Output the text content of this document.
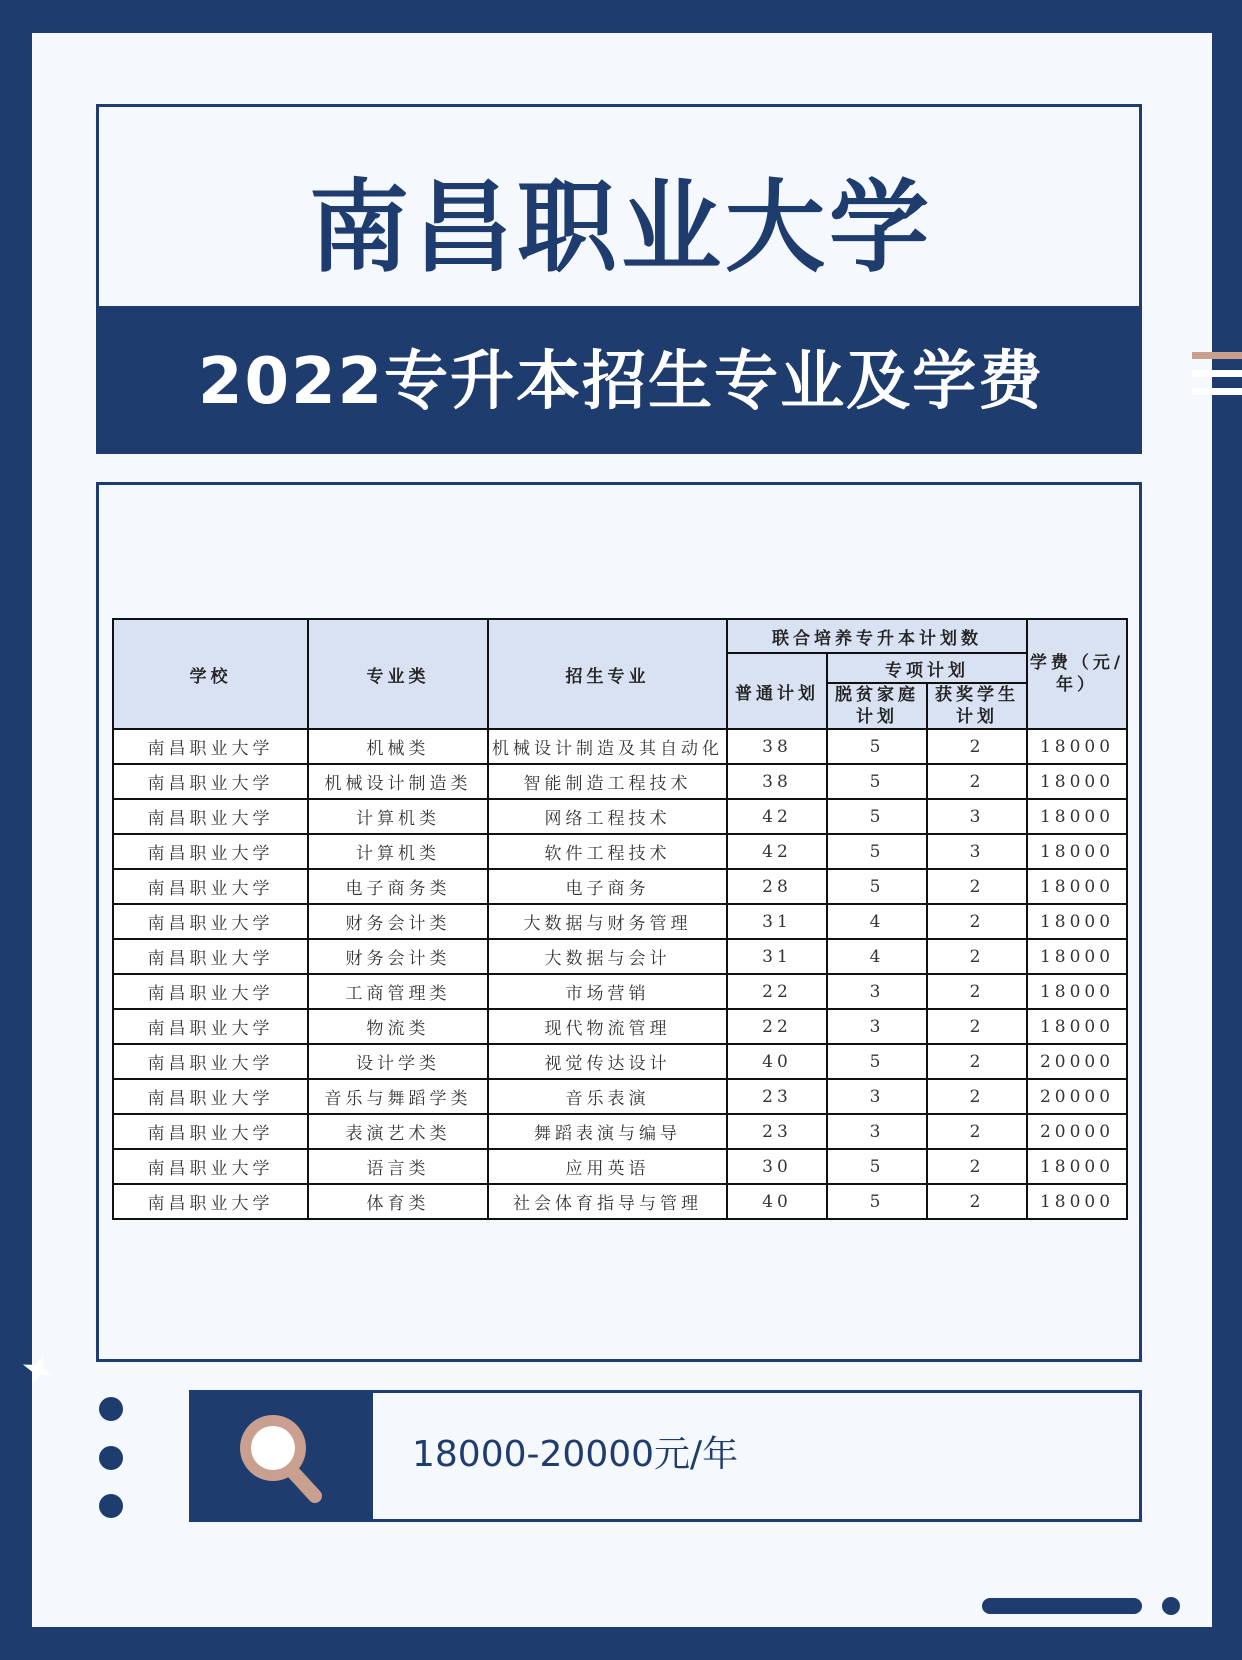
南昌职业大学
2022专升本招生专业及学费
学校	专业类	招生专业	联合培养专升本计划数			学费（元/年）
			普通计划	专项计划		
				脱贫家庭计划	获奖学生计划	
南昌职业大学	机械类	机械设计制造及其自动化	38	5	2	18000
南昌职业大学	机械设计制造类	智能制造工程技术	38	5	2	18000
南昌职业大学	计算机类	网络工程技术	42	5	3	18000
南昌职业大学	计算机类	软件工程技术	42	5	3	18000
南昌职业大学	电子商务类	电子商务	28	5	2	18000
南昌职业大学	财务会计类	大数据与财务管理	31	4	2	18000
南昌职业大学	财务会计类	大数据与会计	31	4	2	18000
南昌职业大学	工商管理类	市场营销	22	3	2	18000
南昌职业大学	物流类	现代物流管理	22	3	2	18000
南昌职业大学	设计学类	视觉传达设计	40	5	2	20000
南昌职业大学	音乐与舞蹈学类	音乐表演	23	3	2	20000
南昌职业大学	表演艺术类	舞蹈表演与编导	23	3	2	20000
南昌职业大学	语言类	应用英语	30	5	2	18000
南昌职业大学	体育类	社会体育指导与管理	40	5	2	18000
18000-20000元/年
